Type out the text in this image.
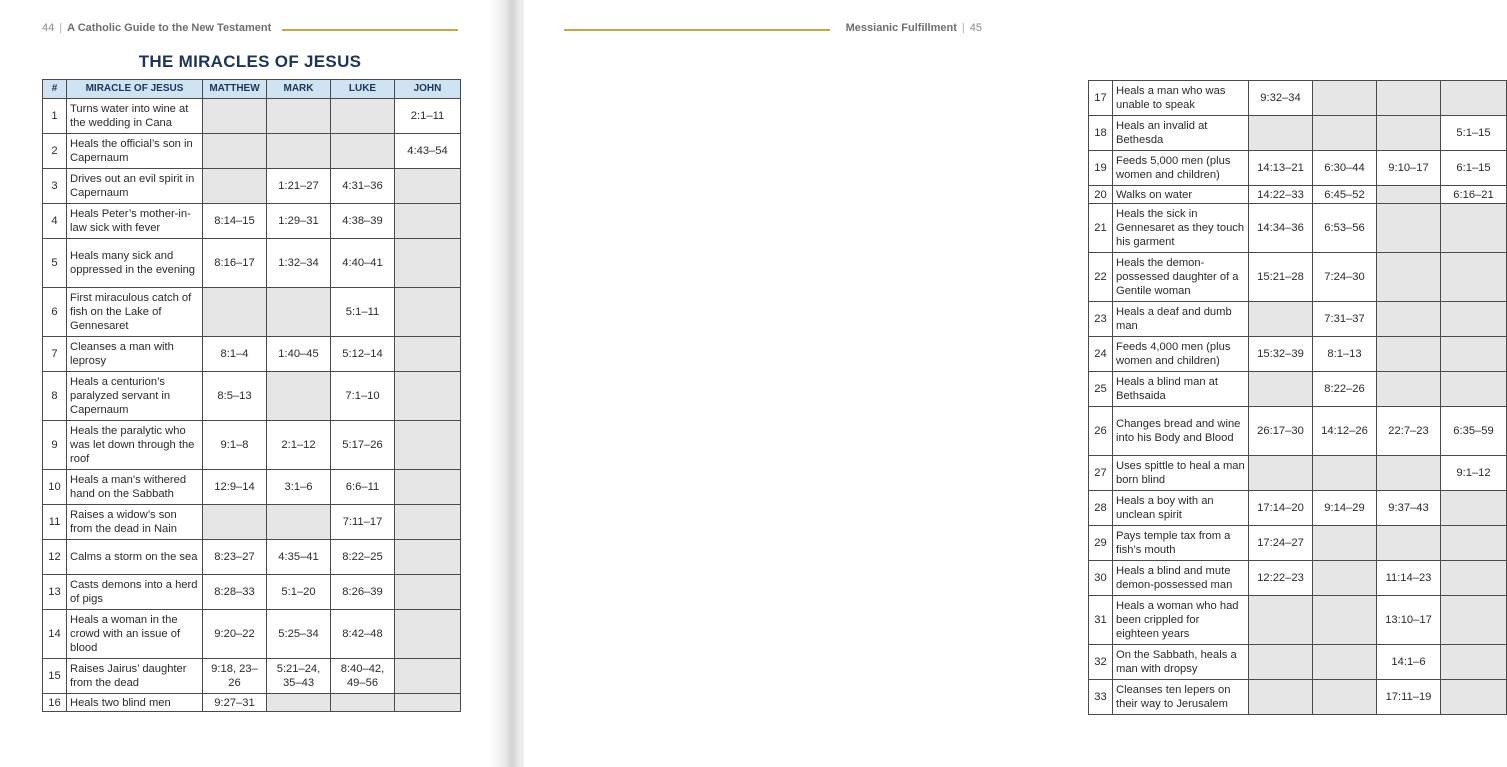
44 | A Catholic Guide to the New Testament
THE MIRACLES OF JESUS
#	MIRACLE OF JESUS	MATTHEW	MARK	LUKE	JOHN
1	Turns water into wine at the wedding in Cana				2:1–11
2	Heals the official’s son in Capernaum				4:43–54
3	Drives out an evil spirit in Capernaum		1:21–27	4:31–36	
4	Heals Peter’s mother-in-law sick with fever	8:14–15	1:29–31	4:38–39	
5	Heals many sick and oppressed in the evening	8:16–17	1:32–34	4:40–41	
6	First miraculous catch of fish on the Lake of Gennesaret			5:1–11	
7	Cleanses a man with leprosy	8:1–4	1:40–45	5:12–14	
8	Heals a centurion’s paralyzed servant in Capernaum	8:5–13		7:1–10	
9	Heals the paralytic who was let down through the roof	9:1–8	2:1–12	5:17–26	
10	Heals a man’s withered hand on the Sabbath	12:9–14	3:1–6	6:6–11	
11	Raises a widow’s son from the dead in Nain			7:11–17	
12	Calms a storm on the sea	8:23–27	4:35–41	8:22–25	
13	Casts demons into a herd of pigs	8:28–33	5:1–20	8:26–39	
14	Heals a woman in the crowd with an issue of blood	9:20–22	5:25–34	8:42–48	
15	Raises Jairus’ daughter from the dead	9:18, 23–26	5:21–24, 35–43	8:40–42, 49–56	
16	Heals two blind men	9:27–31			
Messianic Fulfillment | 45
17	Heals a man who was unable to speak	9:32–34			
18	Heals an invalid at Bethesda				5:1–15
19	Feeds 5,000 men (plus women and children)	14:13–21	6:30–44	9:10–17	6:1–15
20	Walks on water	14:22–33	6:45–52		6:16–21
21	Heals the sick in Gennesaret as they touch his garment	14:34–36	6:53–56		
22	Heals the demon-possessed daughter of a Gentile woman	15:21–28	7:24–30		
23	Heals a deaf and dumb man		7:31–37		
24	Feeds 4,000 men (plus women and children)	15:32–39	8:1–13		
25	Heals a blind man at Bethsaida		8:22–26		
26	Changes bread and wine into his Body and Blood	26:17–30	14:12–26	22:7–23	6:35–59
27	Uses spittle to heal a man born blind				9:1–12
28	Heals a boy with an unclean spirit	17:14–20	9:14–29	9:37–43	
29	Pays temple tax from a fish’s mouth	17:24–27			
30	Heals a blind and mute demon-possessed man	12:22–23		11:14–23	
31	Heals a woman who had been crippled for eighteen years			13:10–17	
32	On the Sabbath, heals a man with dropsy			14:1–6	
33	Cleanses ten lepers on their way to Jerusalem			17:11–19	
